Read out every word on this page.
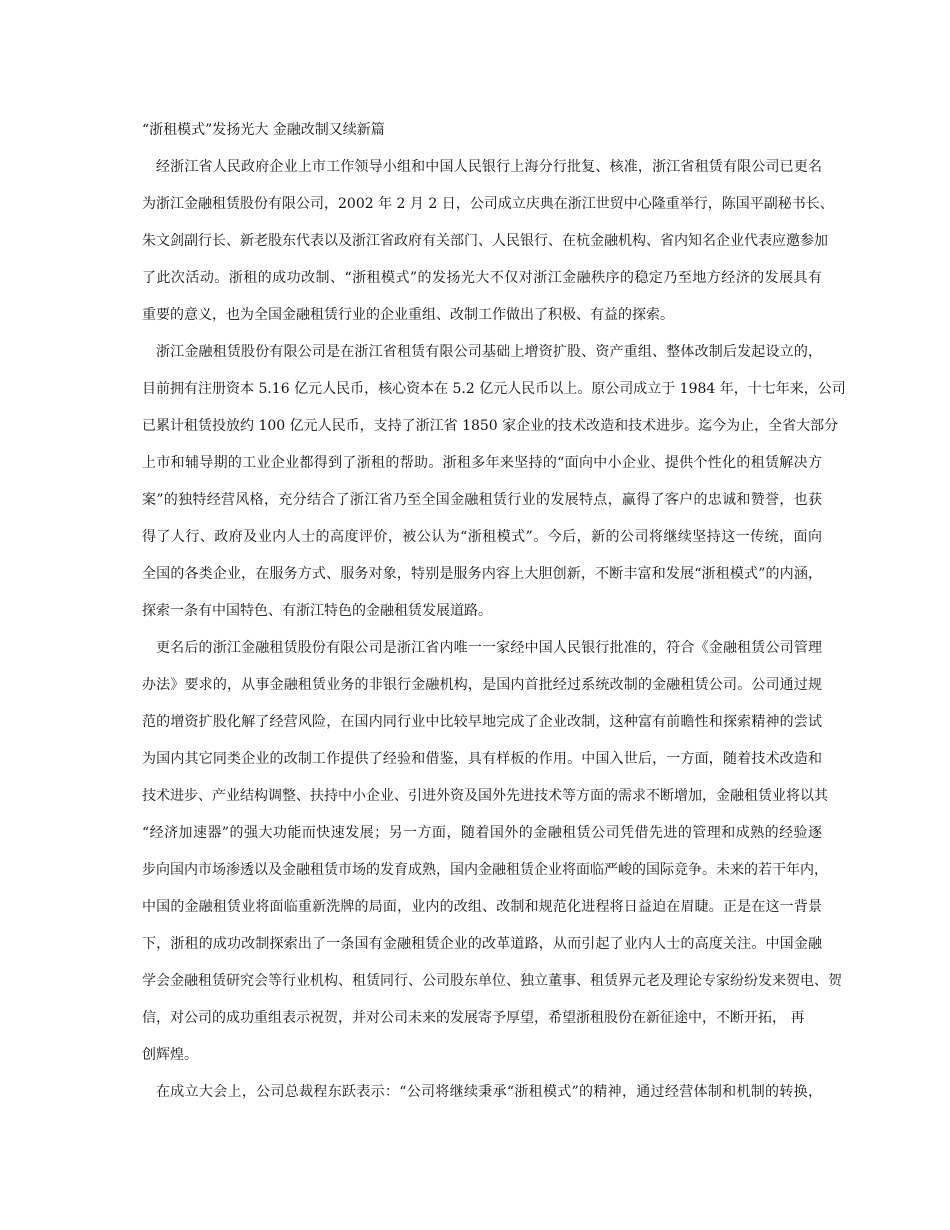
“浙租模式”发扬光大 金融改制又续新篇
经浙江省人民政府企业上市工作领导小组和中国人民银行上海分行批复、核准，浙江省租赁有限公司已更名
为浙江金融租赁股份有限公司，2002 年 2 月 2 日，公司成立庆典在浙江世贸中心隆重举行，陈国平副秘书长、
朱文剑副行长、新老股东代表以及浙江省政府有关部门、人民银行、在杭金融机构、省内知名企业代表应邀参加
了此次活动。浙租的成功改制、“浙租模式”的发扬光大不仅对浙江金融秩序的稳定乃至地方经济的发展具有
重要的意义，也为全国金融租赁行业的企业重组、改制工作做出了积极、有益的探索。
浙江金融租赁股份有限公司是在浙江省租赁有限公司基础上增资扩股、资产重组、整体改制后发起设立的，
目前拥有注册资本 5.16 亿元人民币，核心资本在 5.2 亿元人民币以上。原公司成立于 1984 年，十七年来，公司
已累计租赁投放约 100 亿元人民币，支持了浙江省 1850 家企业的技术改造和技术进步。迄今为止，全省大部分
上市和辅导期的工业企业都得到了浙租的帮助。浙租多年来坚持的“面向中小企业、提供个性化的租赁解决方
案”的独特经营风格，充分结合了浙江省乃至全国金融租赁行业的发展特点，赢得了客户的忠诚和赞誉，也获
得了人行、政府及业内人士的高度评价，被公认为“浙租模式”。今后，新的公司将继续坚持这一传统，面向
全国的各类企业，在服务方式、服务对象，特别是服务内容上大胆创新，不断丰富和发展“浙租模式”的内涵，
探索一条有中国特色、有浙江特色的金融租赁发展道路。
更名后的浙江金融租赁股份有限公司是浙江省内唯一一家经中国人民银行批准的，符合《金融租赁公司管理
办法》要求的，从事金融租赁业务的非银行金融机构，是国内首批经过系统改制的金融租赁公司。公司通过规
范的增资扩股化解了经营风险，在国内同行业中比较早地完成了企业改制，这种富有前瞻性和探索精神的尝试
为国内其它同类企业的改制工作提供了经验和借鉴，具有样板的作用。中国入世后，一方面，随着技术改造和
技术进步、产业结构调整、扶持中小企业、引进外资及国外先进技术等方面的需求不断增加，金融租赁业将以其
“经济加速器”的强大功能而快速发展；另一方面，随着国外的金融租赁公司凭借先进的管理和成熟的经验逐
步向国内市场渗透以及金融租赁市场的发育成熟，国内金融租赁企业将面临严峻的国际竞争。未来的若干年内，
中国的金融租赁业将面临重新洗牌的局面，业内的改组、改制和规范化进程将日益迫在眉睫。正是在这一背景
下，浙租的成功改制探索出了一条国有金融租赁企业的改革道路，从而引起了业内人士的高度关注。中国金融
学会金融租赁研究会等行业机构、租赁同行、公司股东单位、独立董事、租赁界元老及理论专家纷纷发来贺电、贺
信，对公司的成功重组表示祝贺，并对公司未来的发展寄予厚望，希望浙租股份在新征途中，不断开拓， 再
创辉煌。
在成立大会上，公司总裁程东跃表示：“公司将继续秉承“浙租模式”的精神，通过经营体制和机制的转换，
